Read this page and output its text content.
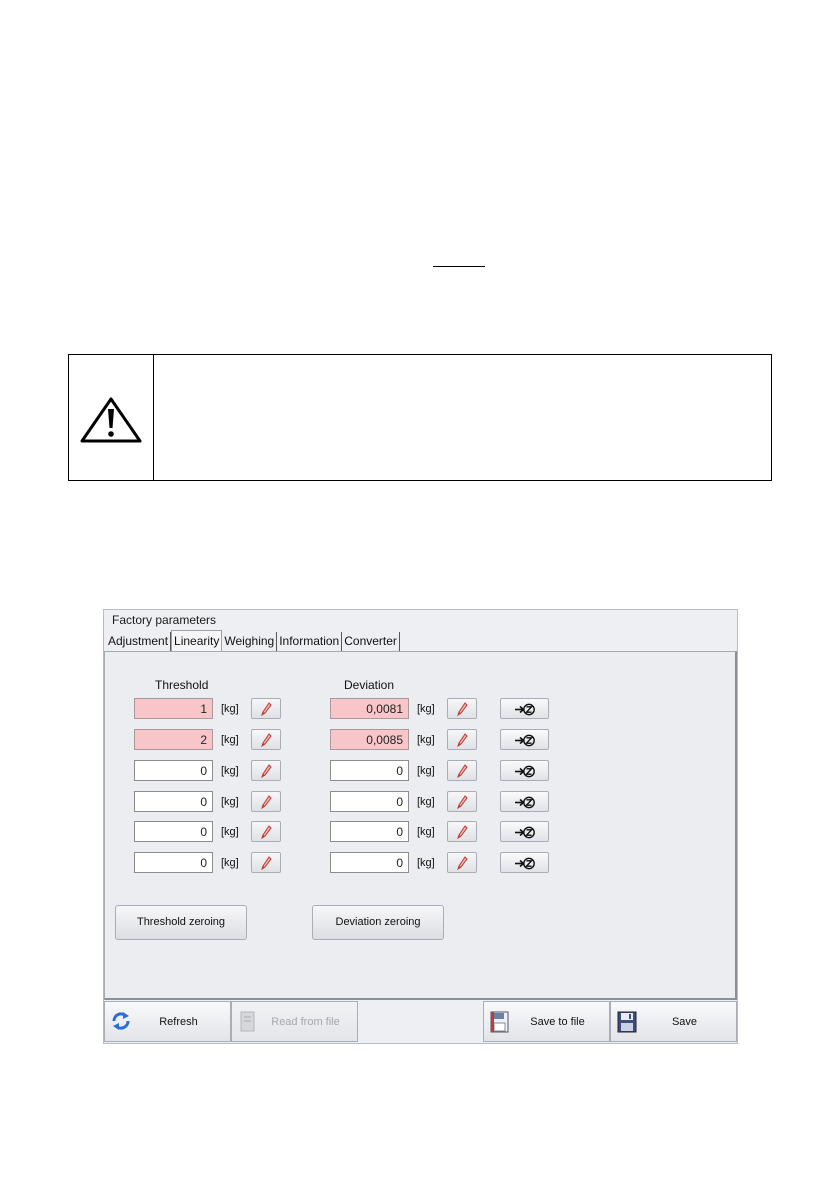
Factory parameters
Adjustment Linearity Weighing Information Converter
Threshold	Deviation
1	[kg]	0,0081	[kg]
2	[kg]	0,0085	[kg]
0	[kg]	0	[kg]
0	[kg]	0	[kg]
0	[kg]	0	[kg]
0	[kg]	0	[kg]
Threshold zeroing	Deviation zeroing
Refresh	Read from file	Save to file	Save
